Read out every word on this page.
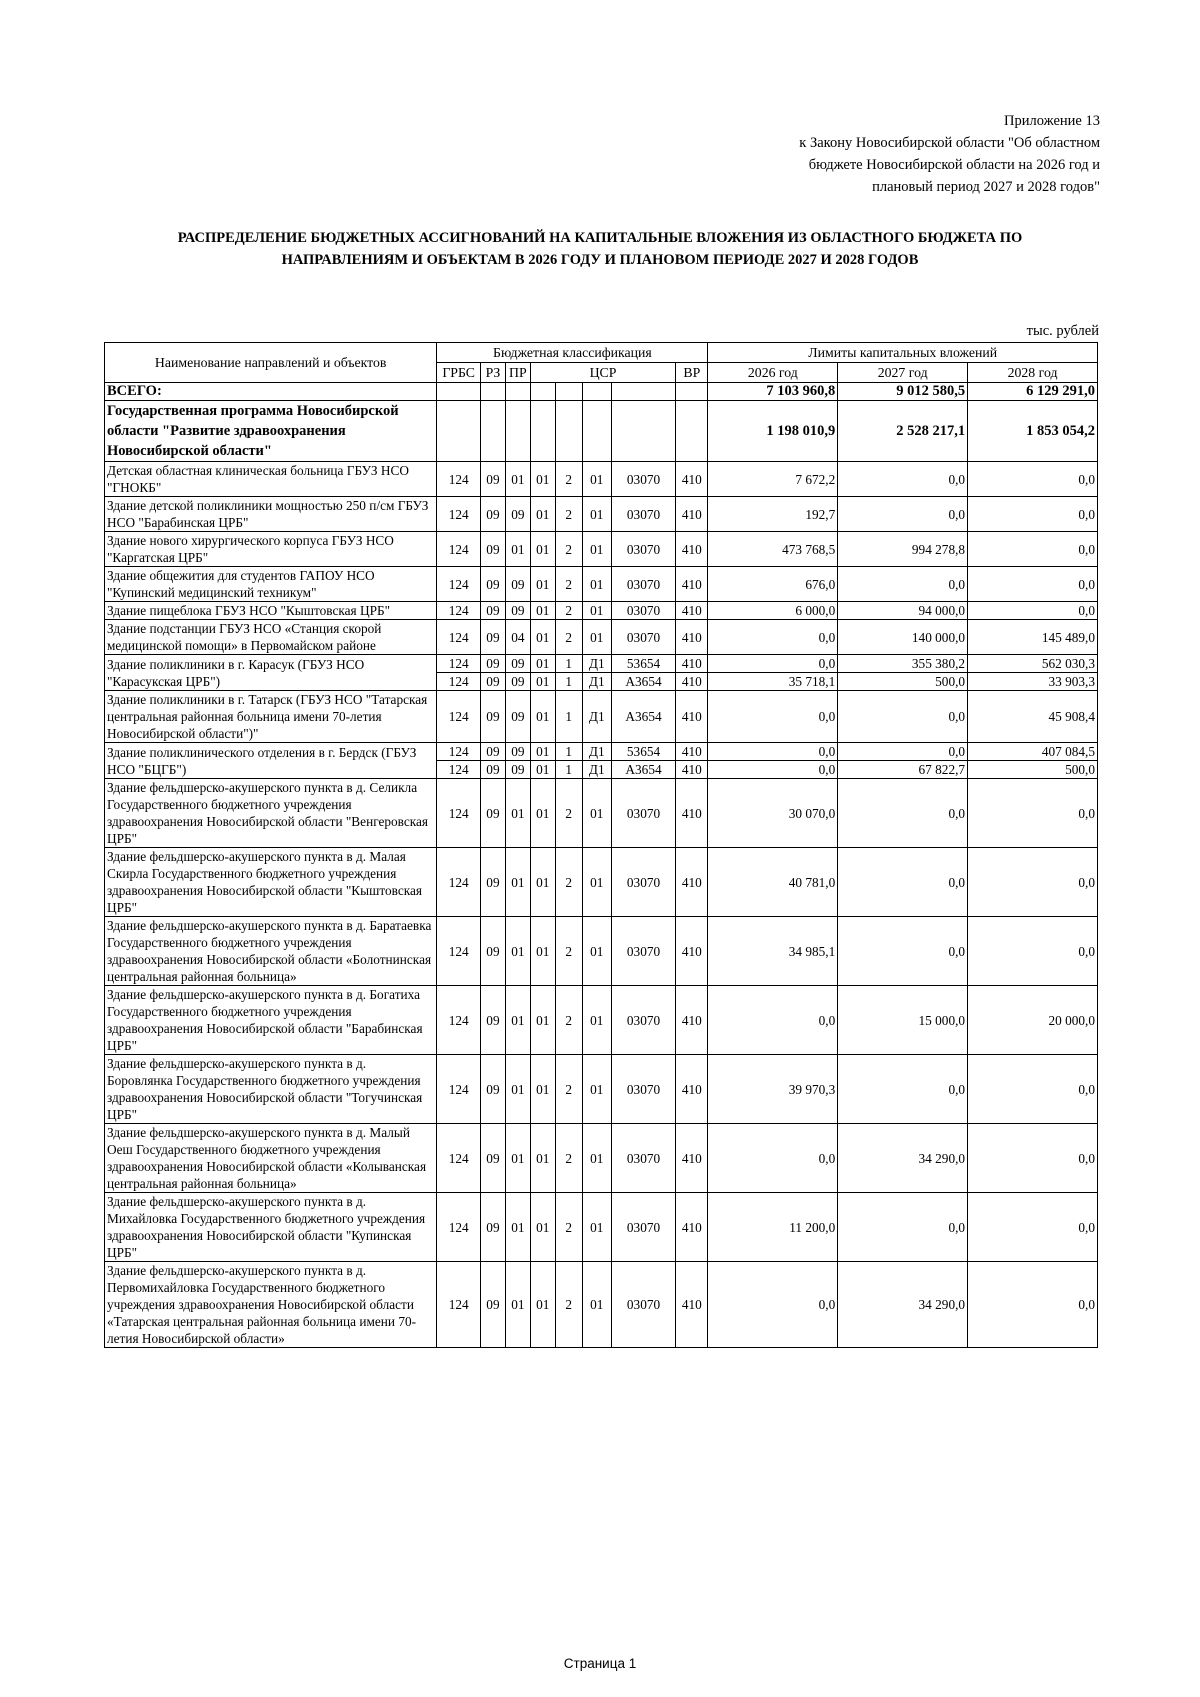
Приложение 13
к Закону Новосибирской области "Об областном
бюджете Новосибирской области на 2026 год и
плановый период 2027 и 2028 годов"
РАСПРЕДЕЛЕНИЕ БЮДЖЕТНЫХ АССИГНОВАНИЙ НА КАПИТАЛЬНЫЕ ВЛОЖЕНИЯ ИЗ ОБЛАСТНОГО БЮДЖЕТА ПО
НАПРАВЛЕНИЯМ И ОБЪЕКТАМ В 2026 ГОДУ И ПЛАНОВОМ ПЕРИОДЕ 2027 И 2028 ГОДОВ
тыс. рублей
Наименование направлений и объектов	Бюджетная классификация								Лимиты капитальных вложений		
	ГРБС	РЗ	ПР	ЦСР				ВР	2026 год	2027 год	2028 год
ВСЕГО:									7 103 960,8	9 012 580,5	6 129 291,0
Государственная программа Новосибирской области "Развитие здравоохранения Новосибирской области"									1 198 010,9	2 528 217,1	1 853 054,2
Детская областная клиническая больница ГБУЗ НСО "ГНОКБ"	124	09	01	01	2	01	03070	410	7 672,2	0,0	0,0
Здание детской поликлиники мощностью 250 п/см ГБУЗ НСО "Барабинская ЦРБ"	124	09	09	01	2	01	03070	410	192,7	0,0	0,0
Здание нового хирургического корпуса ГБУЗ НСО "Каргатская ЦРБ"	124	09	01	01	2	01	03070	410	473 768,5	994 278,8	0,0
Здание общежития для студентов ГАПОУ НСО "Купинский медицинский техникум"	124	09	09	01	2	01	03070	410	676,0	0,0	0,0
Здание пищеблока ГБУЗ НСО "Кыштовская ЦРБ"	124	09	09	01	2	01	03070	410	6 000,0	94 000,0	0,0
Здание подстанции ГБУЗ НСО «Станция скорой медицинской помощи» в Первомайском районе	124	09	04	01	2	01	03070	410	0,0	140 000,0	145 489,0
Здание поликлиники в г. Карасук (ГБУЗ НСО "Карасукская ЦРБ")	124	09	09	01	1	Д1	53654	410	0,0	355 380,2	562 030,3
	124	09	09	01	1	Д1	А3654	410	35 718,1	500,0	33 903,3
Здание поликлиники в г. Татарск (ГБУЗ НСО "Татарская центральная районная больница имени 70-летия Новосибирской области")"	124	09	09	01	1	Д1	А3654	410	0,0	0,0	45 908,4
Здание поликлинического отделения в г. Бердск (ГБУЗ НСО "БЦГБ")	124	09	09	01	1	Д1	53654	410	0,0	0,0	407 084,5
	124	09	09	01	1	Д1	А3654	410	0,0	67 822,7	500,0
Здание фельдшерско-акушерского пункта в д. Селикла Государственного бюджетного учреждения здравоохранения Новосибирской области "Венгеровская ЦРБ"	124	09	01	01	2	01	03070	410	30 070,0	0,0	0,0
Здание фельдшерско-акушерского пункта в д. Малая Скирла Государственного бюджетного учреждения здравоохранения Новосибирской области "Кыштовская ЦРБ"	124	09	01	01	2	01	03070	410	40 781,0	0,0	0,0
Здание фельдшерско-акушерского пункта в д. Баратаевка Государственного бюджетного учреждения здравоохранения Новосибирской области «Болотнинская центральная районная больница»	124	09	01	01	2	01	03070	410	34 985,1	0,0	0,0
Здание фельдшерско-акушерского пункта в д. Богатиха Государственного бюджетного учреждения здравоохранения Новосибирской области "Барабинская ЦРБ"	124	09	01	01	2	01	03070	410	0,0	15 000,0	20 000,0
Здание фельдшерско-акушерского пункта в д. Боровлянка Государственного бюджетного учреждения здравоохранения Новосибирской области "Тогучинская ЦРБ"	124	09	01	01	2	01	03070	410	39 970,3	0,0	0,0
Здание фельдшерско-акушерского пункта в д. Малый Оеш Государственного бюджетного учреждения здравоохранения Новосибирской области «Колыванская центральная районная больница»	124	09	01	01	2	01	03070	410	0,0	34 290,0	0,0
Здание фельдшерско-акушерского пункта в д. Михайловка Государственного бюджетного учреждения здравоохранения Новосибирской области "Купинская ЦРБ"	124	09	01	01	2	01	03070	410	11 200,0	0,0	0,0
Здание фельдшерско-акушерского пункта в д. Первомихайловка Государственного бюджетного учреждения здравоохранения Новосибирской области «Татарская центральная районная больница имени 70-летия Новосибирской области»	124	09	01	01	2	01	03070	410	0,0	34 290,0	0,0
Страница 1
